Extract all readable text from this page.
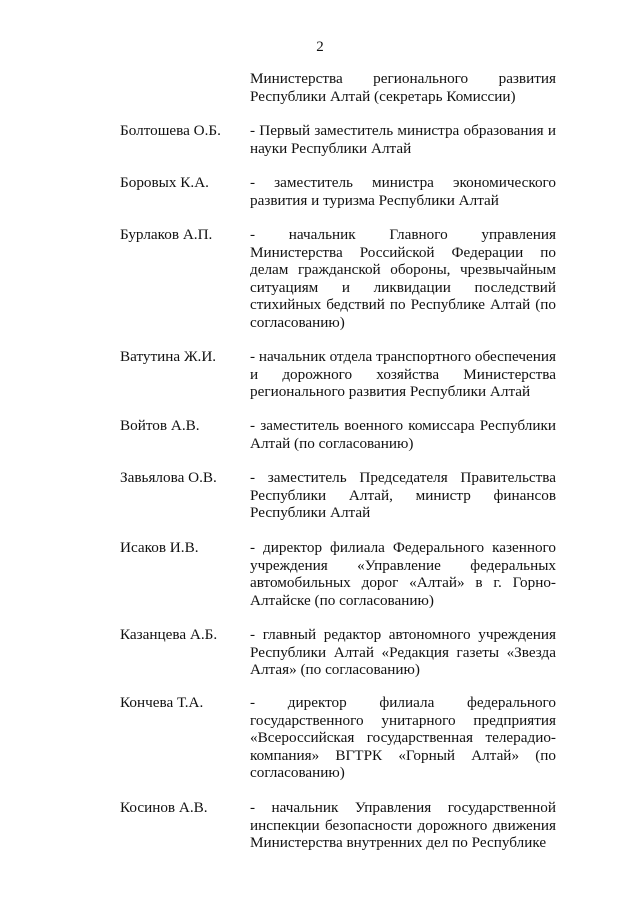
2
Министерства регионального развития Республики Алтай (секретарь Комиссии)
Болтошева О.Б.	- Первый заместитель министра образования и науки Республики Алтай
Боровых К.А.	- заместитель министра экономического развития и туризма Республики Алтай
Бурлаков А.П.	- начальник Главного управления Министерства Российской Федерации по делам гражданской обороны, чрезвычайным ситуациям и ликвидации последствий стихийных бедствий по Республике Алтай (по согласованию)
Ватутина Ж.И.	- начальник отдела транспортного обеспечения и дорожного хозяйства Министерства регионального развития Республики Алтай
Войтов А.В.	- заместитель военного комиссара Республики Алтай (по согласованию)
Завьялова О.В.	- заместитель Председателя Правительства Республики Алтай, министр финансов Республики Алтай
Исаков И.В.	- директор филиала Федерального казенного учреждения «Управление федеральных автомобильных дорог «Алтай» в г. Горно-Алтайске (по согласованию)
Казанцева А.Б.	- главный редактор автономного учреждения Республики Алтай «Редакция газеты «Звезда Алтая» (по согласованию)
Кончева Т.А.	- директор филиала федерального государственного унитарного предприятия «Всероссийская государственная телерадио-компания» ВГТРК «Горный Алтай» (по согласованию)
Косинов А.В.	- начальник Управления государственной инспекции безопасности дорожного движения Министерства внутренних дел по Республике
